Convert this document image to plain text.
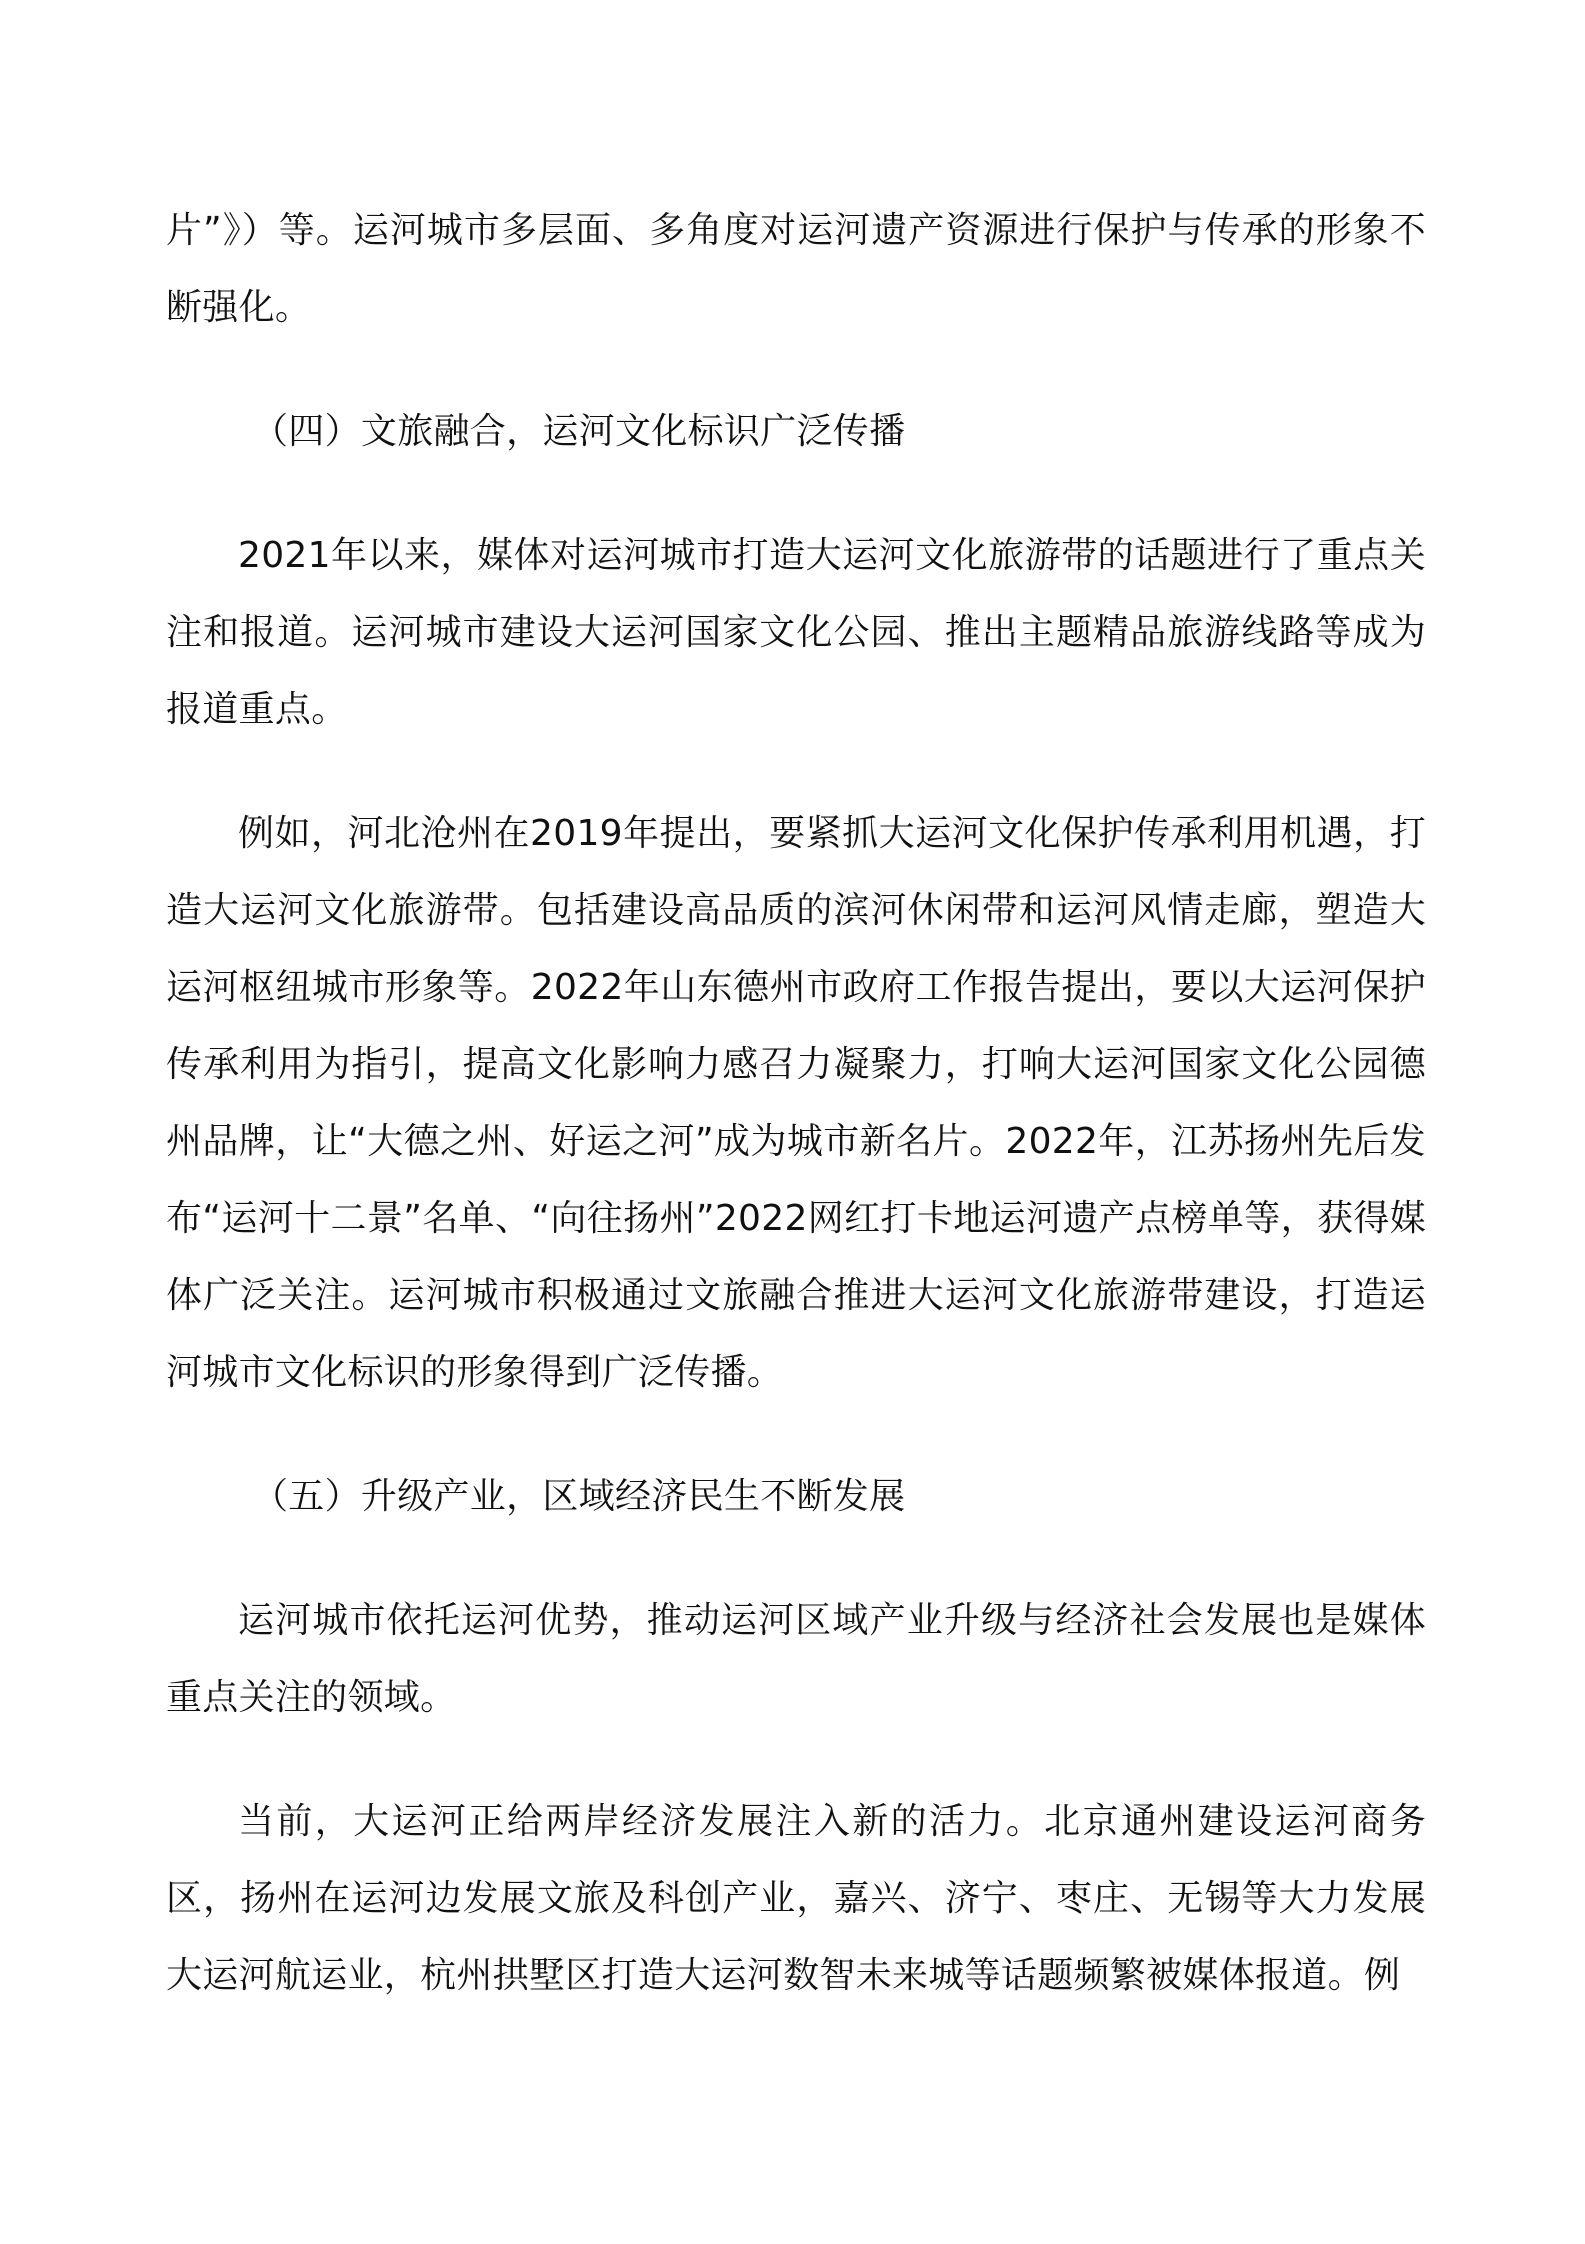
片”》）等。运河城市多层面、多角度对运河遗产资源进行保护与传承的形象不断强化。

（四）文旅融合，运河文化标识广泛传播

2021年以来，媒体对运河城市打造大运河文化旅游带的话题进行了重点关注和报道。运河城市建设大运河国家文化公园、推出主题精品旅游线路等成为报道重点。

例如，河北沧州在2019年提出，要紧抓大运河文化保护传承利用机遇，打造大运河文化旅游带。包括建设高品质的滨河休闲带和运河风情走廊，塑造大运河枢纽城市形象等。2022年山东德州市政府工作报告提出，要以大运河保护传承利用为指引，提高文化影响力感召力凝聚力，打响大运河国家文化公园德州品牌，让“大德之州、好运之河”成为城市新名片。2022年，江苏扬州先后发布“运河十二景”名单、“向往扬州”2022网红打卡地运河遗产点榜单等，获得媒体广泛关注。运河城市积极通过文旅融合推进大运河文化旅游带建设，打造运河城市文化标识的形象得到广泛传播。

（五）升级产业，区域经济民生不断发展

运河城市依托运河优势，推动运河区域产业升级与经济社会发展也是媒体重点关注的领域。

当前，大运河正给两岸经济发展注入新的活力。北京通州建设运河商务区，扬州在运河边发展文旅及科创产业，嘉兴、济宁、枣庄、无锡等大力发展大运河航运业，杭州拱墅区打造大运河数智未来城等话题频繁被媒体报道。例
